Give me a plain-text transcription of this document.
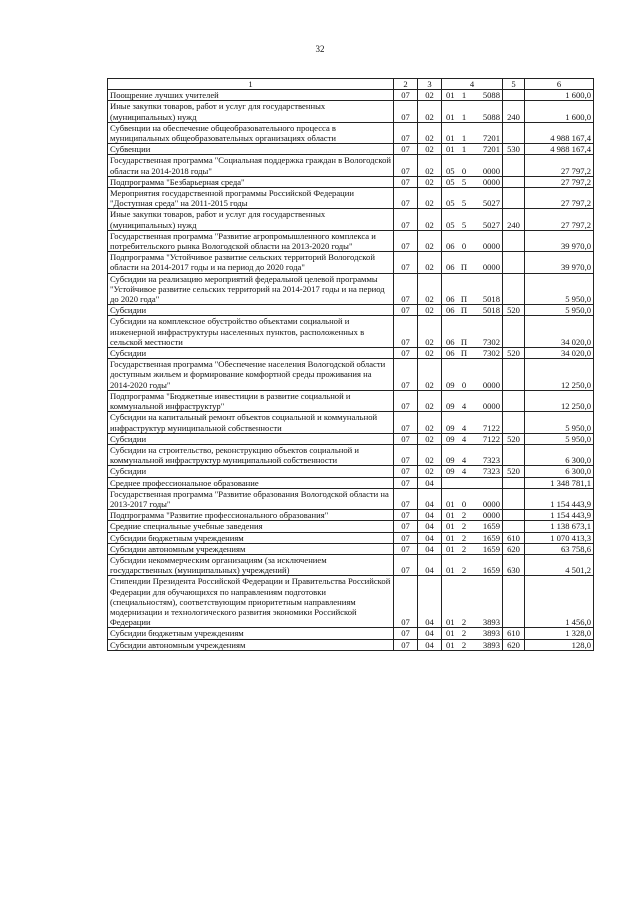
32
1	2	3	4			5	6
Поощрение лучших учителей	07	02	01	1	5088		1 600,0
Иные закупки товаров, работ и услуг для государственных (муниципальных) нужд	07	02	01	1	5088	240	1 600,0
Субвенции на обеспечение общеобразовательного процесса в муниципальных общеобразовательных организациях области	07	02	01	1	7201		4 988 167,4
Субвенции	07	02	01	1	7201	530	4 988 167,4
Государственная программа "Социальная поддержка граждан в Вологодской области на 2014-2018 годы"	07	02	05	0	0000		27 797,2
Подпрограмма "Безбарьерная среда"	07	02	05	5	0000		27 797,2
Мероприятия государственной программы Российской Федерации "Доступная среда" на 2011-2015 годы	07	02	05	5	5027		27 797,2
Иные закупки товаров, работ и услуг для государственных (муниципальных) нужд	07	02	05	5	5027	240	27 797,2
Государственная программа "Развитие агропромышленного комплекса и потребительского рынка Вологодской области на 2013-2020 годы"	07	02	06	0	0000		39 970,0
Подпрограмма "Устойчивое развитие сельских территорий Вологодской области на 2014-2017 годы и на период до 2020 года"	07	02	06	П	0000		39 970,0
Субсидии на реализацию мероприятий федеральной целевой программы "Устойчивое развитие сельских территорий на 2014-2017 годы и на период до 2020 года"	07	02	06	П	5018		5 950,0
Субсидии	07	02	06	П	5018	520	5 950,0
Субсидии на комплексное обустройство объектами социальной и инженерной инфраструктуры населенных пунктов, расположенных в сельской местности	07	02	06	П	7302		34 020,0
Субсидии	07	02	06	П	7302	520	34 020,0
Государственная программа "Обеспечение населения Вологодской области доступным жильем и формирование комфортной среды проживания на 2014-2020 годы"	07	02	09	0	0000		12 250,0
Подпрограмма "Бюджетные инвестиции в развитие социальной и коммунальной инфраструктур"	07	02	09	4	0000		12 250,0
Субсидии на капитальный ремонт объектов социальной и коммунальной инфраструктур муниципальной собственности	07	02	09	4	7122		5 950,0
Субсидии	07	02	09	4	7122	520	5 950,0
Субсидии на строительство, реконструкцию объектов социальной и коммунальной инфраструктур муниципальной собственности	07	02	09	4	7323		6 300,0
Субсидии	07	02	09	4	7323	520	6 300,0
Среднее профессиональное образование	07	04					1 348 781,1
Государственная программа "Развитие образования Вологодской области на 2013-2017 годы"	07	04	01	0	0000		1 154 443,9
Подпрограмма "Развитие профессионального образования"	07	04	01	2	0000		1 154 443,9
Средние специальные учебные заведения	07	04	01	2	1659		1 138 673,1
Субсидии бюджетным учреждениям	07	04	01	2	1659	610	1 070 413,3
Субсидии автономным учреждениям	07	04	01	2	1659	620	63 758,6
Субсидии некоммерческим организациям (за исключением государственных (муниципальных) учреждений)	07	04	01	2	1659	630	4 501,2
Стипендии Президента Российской Федерации и Правительства Российской Федерации для обучающихся по направлениям подготовки (специальностям), соответствующим приоритетным направлениям модернизации и технологического развития экономики Российской Федерации	07	04	01	2	3893		1 456,0
Субсидии бюджетным учреждениям	07	04	01	2	3893	610	1 328,0
Субсидии автономным учреждениям	07	04	01	2	3893	620	128,0
